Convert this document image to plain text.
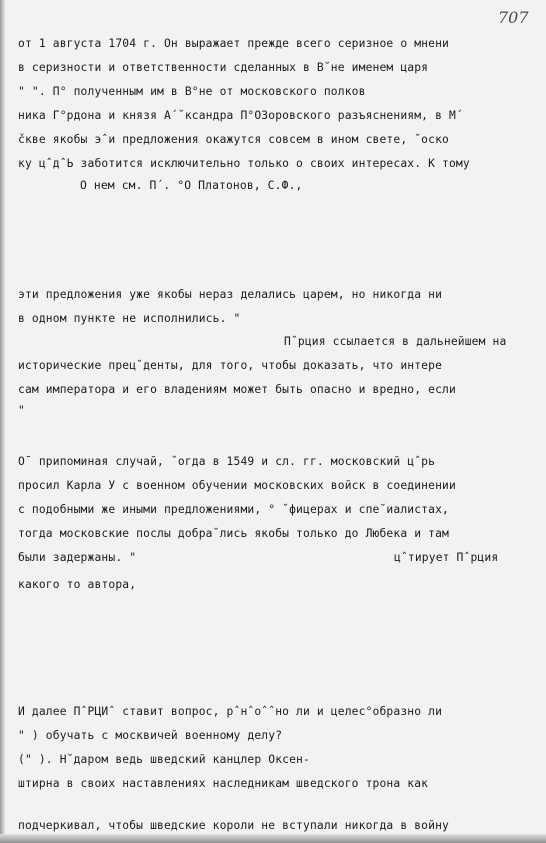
707
от 1 августа 1704 г. Он выражает прежде всего серизное о мнени
в серизности и ответственности сделанных в В˘не именем царя
" ". П° полученным им в В°не от московского полков
ника Г°рдона и князя А´˘ксандра П°ОЗоровского разъяснениям, в М´
čкве якобы эˆи предложения окажутся совсем в ином свете, ˘оско
ку цˆдˆЬ заботится исключительно только о своих интересах. К тому
О нем см. П´. °О Платонов, С.Ф.,
эти предложения уже якобы нераз делались царем, но никогда ни
в одном пункте не исполнились. "
П˘рция ссылается в дальнейшем на
исторические прец˘денты, для того, чтобы доказать, что интере
сам императора и его владениям может быть опасно и вредно, если
"
Оˉ припоминая случай, ˘огда в 1549 и сл. гг. московский цˆрь
просил Карла У с военном обучении московских войск в соединении
с подобными же иными предложениями, ° ˘фицерах и спе˘иалистах,
тогда московские послы добра˘лись якобы только до Любека и там
были задержаны. "	цˆтирует Пˆрция
какого то автора,
И далее ПˆРЦИˆ ставит вопрос, рˆнˆоˆˆно ли и целес°образно ли
" ) обучать с москвичей военному делу?
(" ). Н˘даром ведь шведский канцлер Оксен-
штирна в своих наставлениях наследникам шведского трона как
подчеркивал, чтобы шведские короли не вступали никогда в войну
